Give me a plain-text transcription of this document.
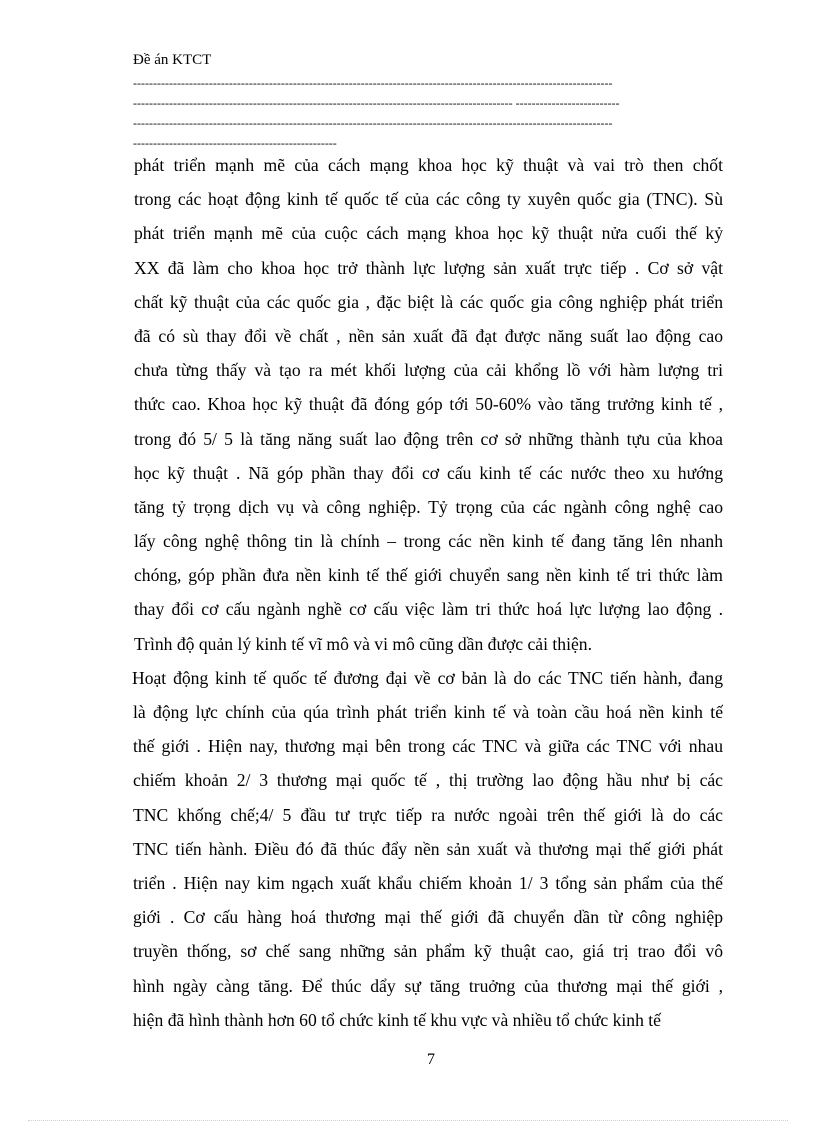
Đề án KTCT
------------------------------------------------------------------------------------------------------------------------
----------------------------------------------------------------------------------------------- --------------------------
------------------------------------------------------------------------------------------------------------------------
---------------------------------------------------
phát triển mạnh mẽ của cách mạng khoa học kỹ thuật và vai trò then chốt
trong các hoạt động kinh tế quốc tế của các công ty xuyên quốc gia (TNC). Sù
phát triển mạnh mẽ của cuộc cách mạng khoa học kỹ thuật nửa cuối thế kỷ
XX đã làm cho khoa học trở thành lực lượng sản xuất trực tiếp . Cơ sở vật
chất kỹ thuật của các quốc gia , đặc biệt là các quốc gia công nghiệp phát triển
đã có sù thay đổi về chất , nền sản xuất đã đạt được năng suất lao động cao
chưa từng thấy và tạo ra mét khối lượng của cải khổng lồ với hàm lượng tri
thức cao. Khoa học kỹ thuật đã đóng góp tới 50-60% vào tăng trưởng kinh tế ,
trong đó 5/ 5 là tăng năng suất lao động trên cơ sở những thành tựu của khoa
học kỹ thuật . Nã góp phần thay đổi cơ cấu kinh tế các nước theo xu hướng
tăng tỷ trọng dịch vụ và công nghiệp. Tỷ trọng của các ngành công nghệ cao
lấy công nghệ thông tin là chính – trong các nền kinh tế đang tăng lên nhanh
chóng, góp phần đưa nền kinh tế thế giới chuyển sang nền kinh tế tri thức làm
thay đổi cơ cấu ngành nghề cơ cấu việc làm tri thức hoá lực lượng lao động .
Trình độ quản lý kinh tế vĩ mô và vi mô cũng dần được cải thiện.
Hoạt động kinh tế quốc tế đương đại về cơ bản là do các TNC tiến hành, đang
là động lực chính của qúa trình phát triển kinh tế và toàn cầu hoá nền kinh tế
thế giới . Hiện nay, thương mại bên trong các TNC và giữa các TNC với nhau
chiếm khoản 2/ 3 thương mại quốc tế , thị trường lao động hầu như bị các
TNC khống chế;4/ 5 đầu tư trực tiếp ra nước ngoài trên thế giới là do các
TNC tiến hành. Điều đó đã thúc đẩy nền sản xuất và thương mại thế giới phát
triển . Hiện nay kim ngạch xuất khẩu chiếm khoản 1/ 3 tổng sản phẩm của thế
giới . Cơ cấu hàng hoá thương mại thế giới đã chuyển dần từ công nghiệp
truyền thống, sơ chế sang những sản phẩm kỹ thuật cao, giá trị trao đổi vô
hình ngày càng tăng. Để thúc dẩy sự tăng truởng của thương mại thế giới ,
hiện đã hình thành hơn 60 tổ chức kinh tế khu vực và nhiều tổ chức kinh tế
7
